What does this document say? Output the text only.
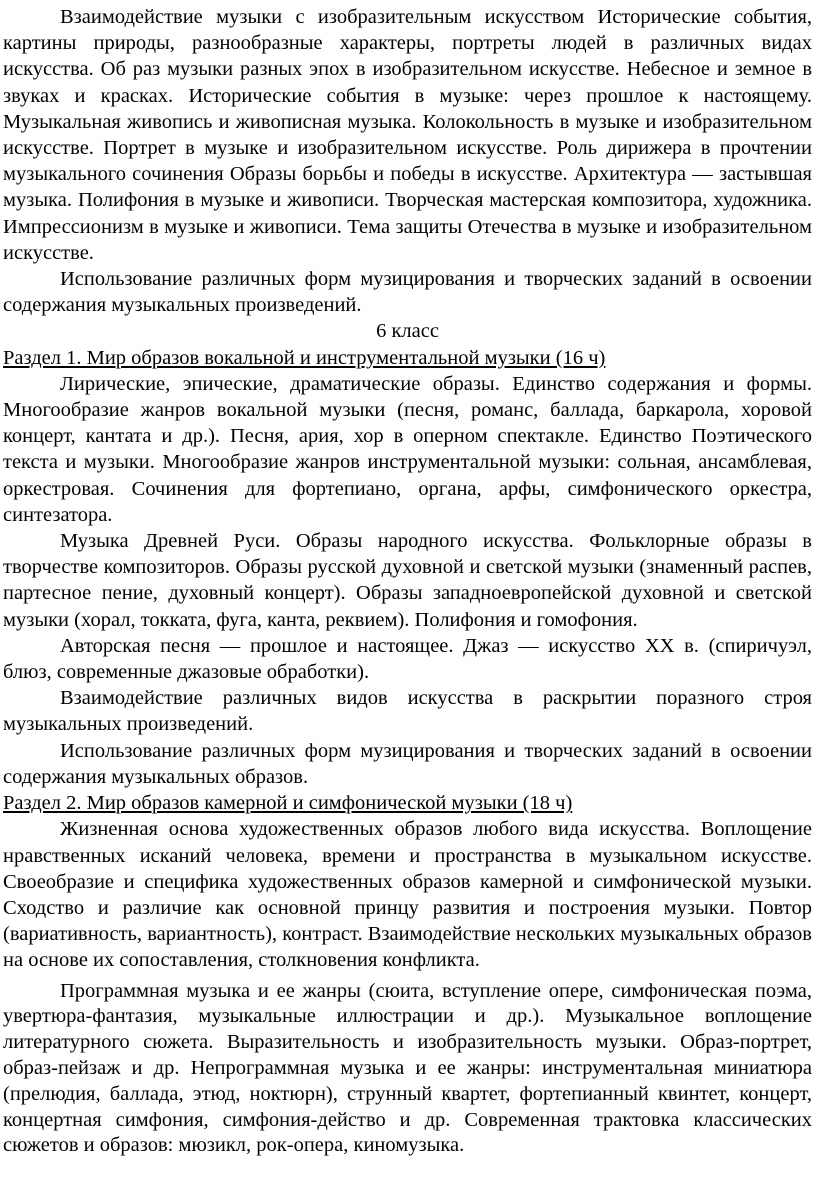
Взаимодействие музыки с изобразительным искусством Исторические события, картины природы, разнообразные характеры, портреты людей в различных видах искусства. Об раз музыки разных эпох в изобразительном искусстве. Небесное и земное в звуках и красках. Исторические события в музыке: через прошлое к настоящему. Музыкальная живопись и живописная музыка. Колокольность в музыке и изобразительном искусстве. Портрет в музыке и изобразительном искусстве. Роль дирижера в прочтении музыкального сочинения Образы борьбы и победы в искусстве. Архитектура — застывшая музыка. Полифония в музыке и живописи. Творческая мастерская композитора, художника. Импрессионизм в музыке и живописи. Тема защиты Отечества в музыке и изобразительном искусстве.

Использование различных форм музицирования и творческих заданий в освоении содержания музыкальных произведений.

6 класс

Раздел 1. Мир образов вокальной и инструментальной музыки (16 ч)

Лирические, эпические, драматические образы. Единство содержания и формы. Многообразие жанров вокальной музыки (песня, романс, баллада, баркарола, хоровой концерт, кантата и др.). Песня, ария, хор в оперном спектакле. Единство Поэтического текста и музыки. Многообразие жанров инструментальной музыки: сольная, ансамблевая, оркестровая. Сочинения для фортепиано, органа, арфы, симфонического оркестра, синтезатора.

Музыка Древней Руси. Образы народного искусства. Фольклорные образы в творчестве композиторов. Образы русской духовной и светской музыки (знаменный распев, партесное пение, духовный концерт). Образы западноевропейской духовной и светской музыки (хорал, токката, фуга, канта, реквием). Полифония и гомофония.

Авторская песня — прошлое и настоящее. Джаз — искусство XX в. (спиричуэл, блюз, современные джазовые обработки).

Взаимодействие различных видов искусства в раскрытии поразного строя музыкальных произведений.

Использование различных форм музицирования и творческих заданий в освоении содержания музыкальных образов.

Раздел 2. Мир образов камерной и симфонической музыки (18 ч)

Жизненная основа художественных образов любого вида искусства. Воплощение нравственных исканий человека, времени и пространства в музыкальном искусстве. Своеобразие и специфика художественных образов камерной и симфонической музыки. Сходство и различие как основной принцу развития и построения музыки. Повтор (вариативность, вариантность), контраст. Взаимодействие нескольких музыкальных образов на основе их сопоставления, столкновения конфликта.

Программная музыка и ее жанры (сюита, вступление опере, симфоническая поэма, увертюра-фантазия, музыкальные иллюстрации и др.). Музыкальное воплощение литературного сюжета. Выразительность и изобразительность музыки. Образ-портрет, образ-пейзаж и др. Непрограммная музыка и ее жанры: инструментальная миниатюра (прелюдия, баллада, этюд, ноктюрн), струнный квартет, фортепианный квинтет, концерт, концертная симфония, симфония-действо и др. Современная трактовка классических сюжетов и образов: мюзикл, рок-опера, киномузыка.
